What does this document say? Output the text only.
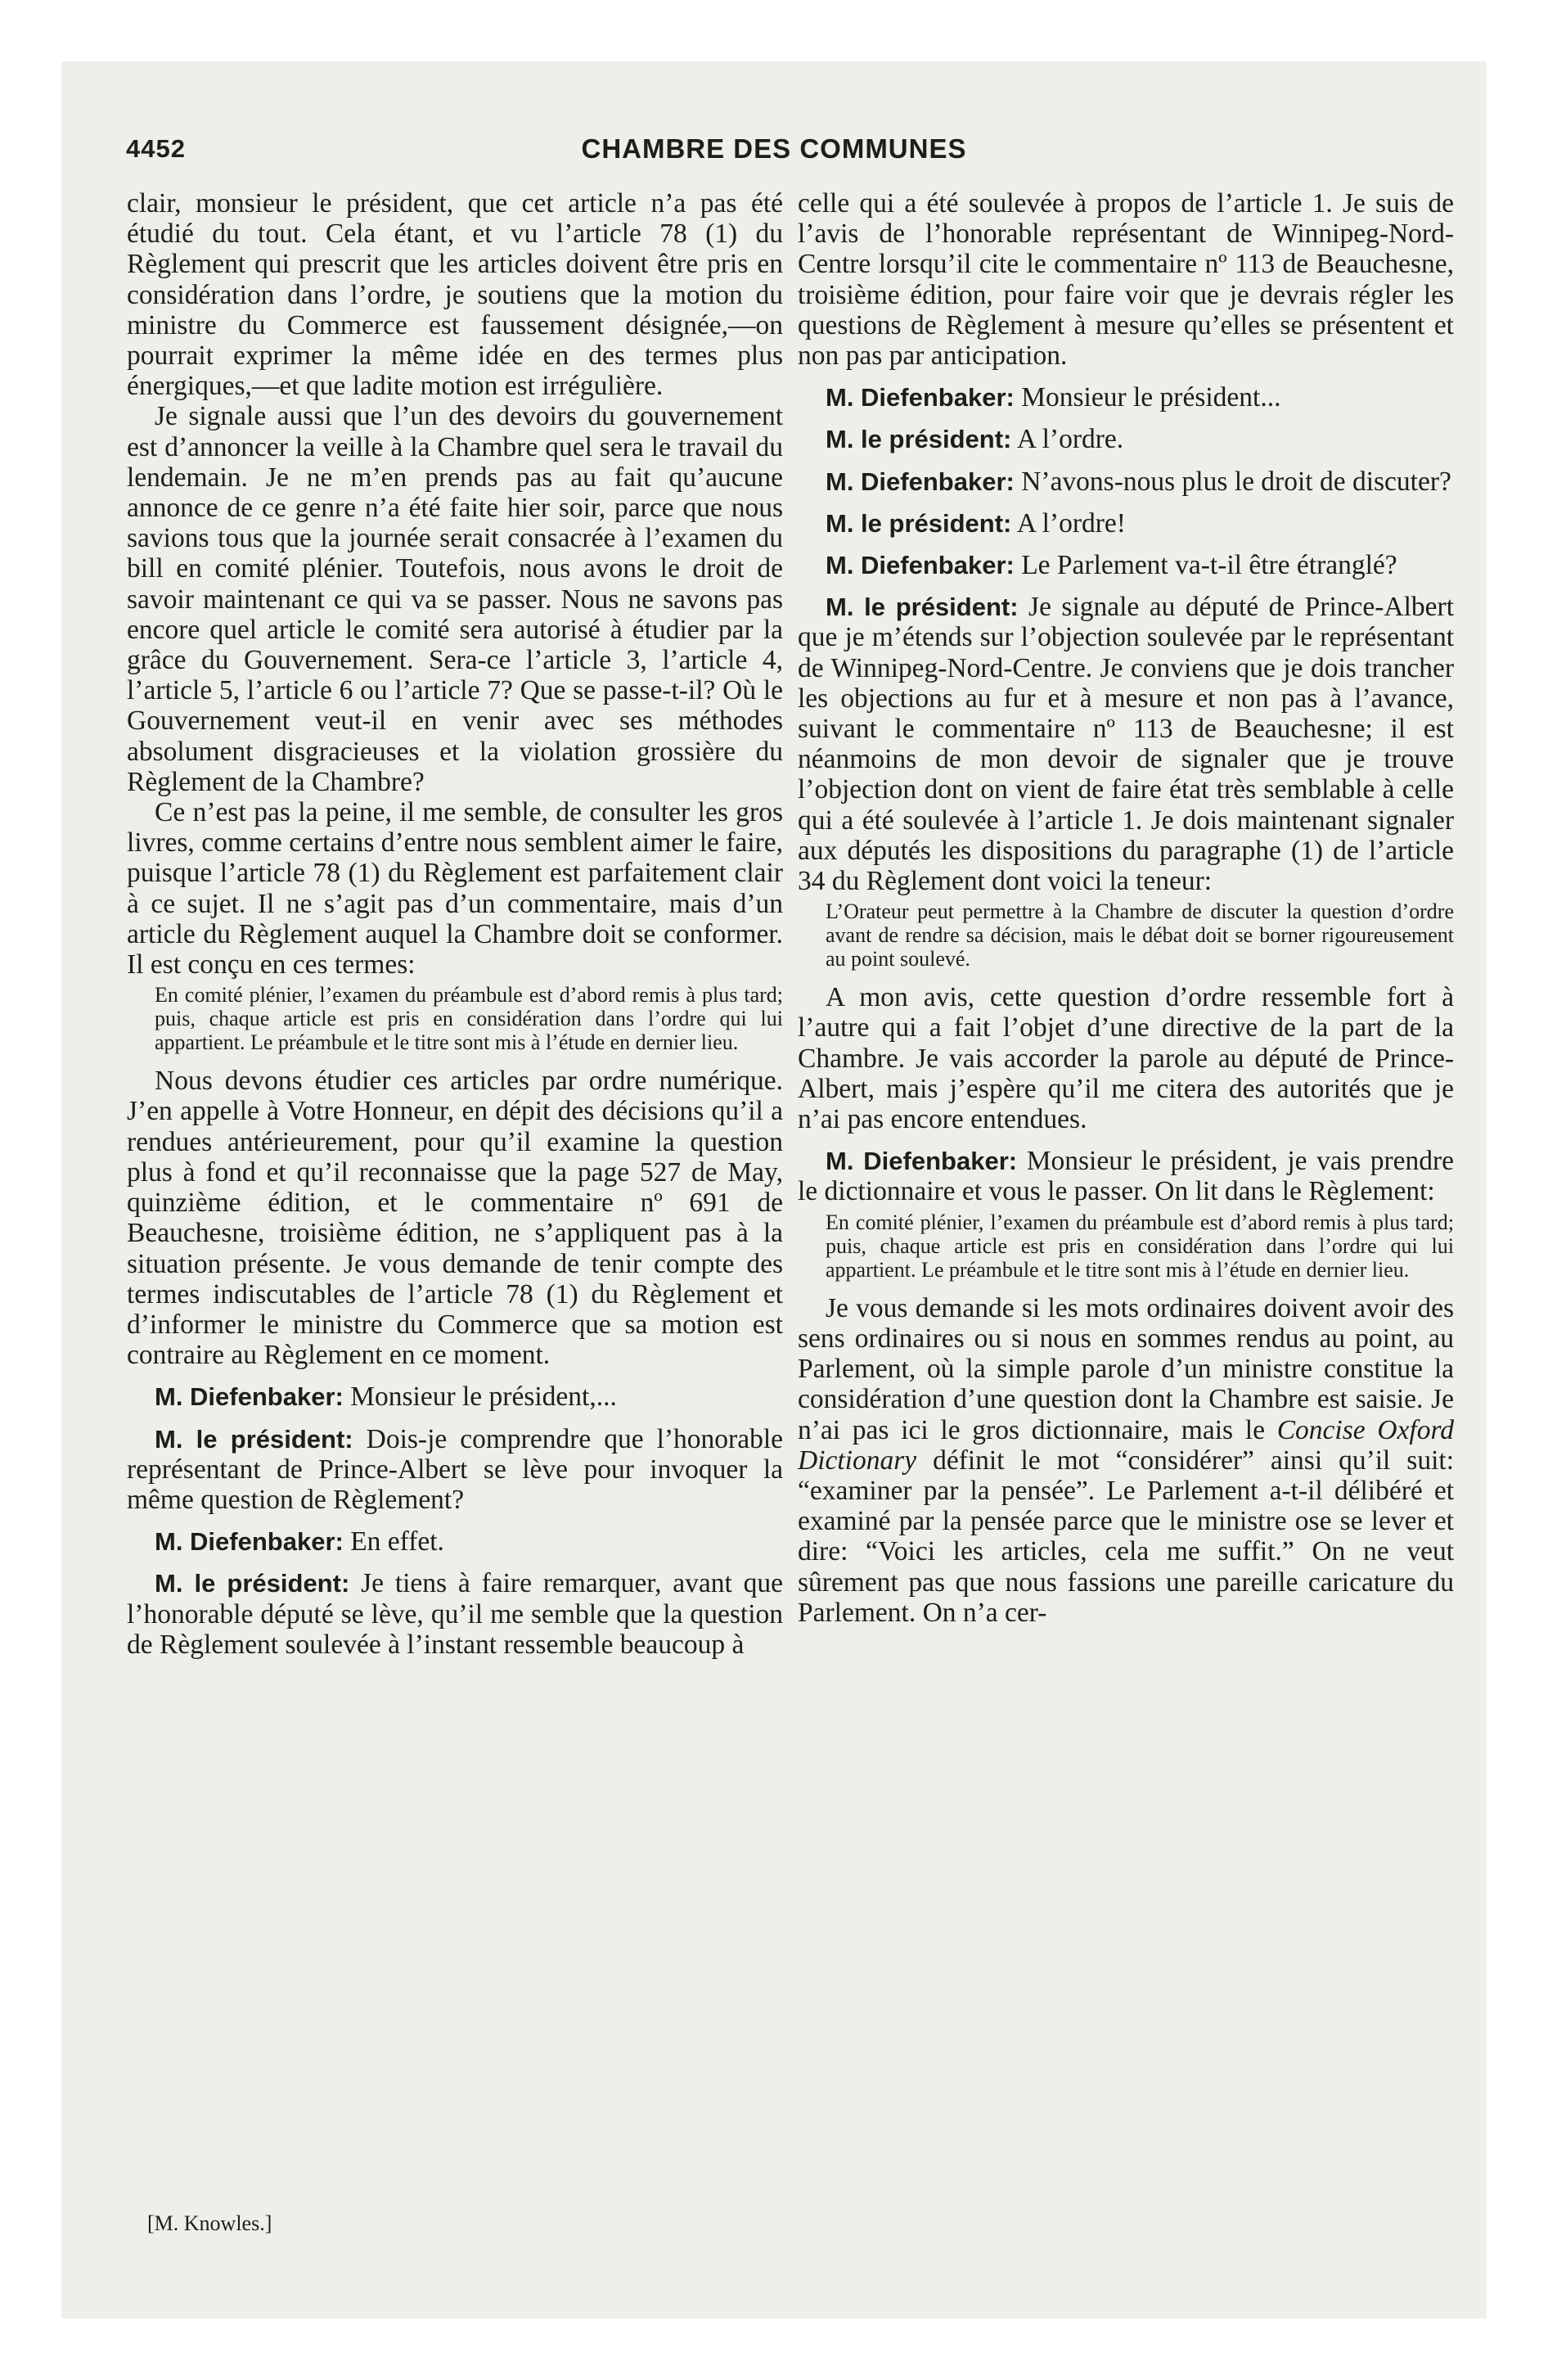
4452	CHAMBRE DES COMMUNES

clair, monsieur le président, que cet article n’a pas été étudié du tout. Cela étant, et vu l’article 78 (1) du Règlement qui prescrit que les articles doivent être pris en considération dans l’ordre, je soutiens que la motion du ministre du Commerce est faussement désignée,—on pourrait exprimer la même idée en des termes plus énergiques,—et que ladite motion est irrégulière.

Je signale aussi que l’un des devoirs du gouvernement est d’annoncer la veille à la Chambre quel sera le travail du lendemain. Je ne m’en prends pas au fait qu’aucune annonce de ce genre n’a été faite hier soir, parce que nous savions tous que la journée serait consacrée à l’examen du bill en comité plénier. Toutefois, nous avons le droit de savoir maintenant ce qui va se passer. Nous ne savons pas encore quel article le comité sera autorisé à étudier par la grâce du Gouvernement. Sera-ce l’article 3, l’article 4, l’article 5, l’article 6 ou l’article 7? Que se passe-t-il? Où le Gouvernement veut-il en venir avec ses méthodes absolument disgracieuses et la violation grossière du Règlement de la Chambre?

Ce n’est pas la peine, il me semble, de consulter les gros livres, comme certains d’entre nous semblent aimer le faire, puisque l’article 78 (1) du Règlement est parfaitement clair à ce sujet. Il ne s’agit pas d’un commentaire, mais d’un article du Règlement auquel la Chambre doit se conformer. Il est conçu en ces termes:

En comité plénier, l’examen du préambule est d’abord remis à plus tard; puis, chaque article est pris en considération dans l’ordre qui lui appartient. Le préambule et le titre sont mis à l’étude en dernier lieu.

Nous devons étudier ces articles par ordre numérique. J’en appelle à Votre Honneur, en dépit des décisions qu’il a rendues antérieurement, pour qu’il examine la question plus à fond et qu’il reconnaisse que la page 527 de May, quinzième édition, et le commentaire nº 691 de Beauchesne, troisième édition, ne s’appliquent pas à la situation présente. Je vous demande de tenir compte des termes indiscutables de l’article 78 (1) du Règlement et d’informer le ministre du Commerce que sa motion est contraire au Règlement en ce moment.

M. Diefenbaker: Monsieur le président,...

M. le président: Dois-je comprendre que l’honorable représentant de Prince-Albert se lève pour invoquer la même question de Règlement?

M. Diefenbaker: En effet.

M. le président: Je tiens à faire remarquer, avant que l’honorable député se lève, qu’il me semble que la question de Règlement soulevée à l’instant ressemble beaucoup à

[M. Knowles.]

celle qui a été soulevée à propos de l’article 1. Je suis de l’avis de l’honorable représentant de Winnipeg-Nord-Centre lorsqu’il cite le commentaire nº 113 de Beauchesne, troisième édition, pour faire voir que je devrais régler les questions de Règlement à mesure qu’elles se présentent et non pas par anticipation.

M. Diefenbaker: Monsieur le président...

M. le président: A l’ordre.

M. Diefenbaker: N’avons-nous plus le droit de discuter?

M. le président: A l’ordre!

M. Diefenbaker: Le Parlement va-t-il être étranglé?

M. le président: Je signale au député de Prince-Albert que je m’étends sur l’objection soulevée par le représentant de Winnipeg-Nord-Centre. Je conviens que je dois trancher les objections au fur et à mesure et non pas à l’avance, suivant le commentaire nº 113 de Beauchesne; il est néanmoins de mon devoir de signaler que je trouve l’objection dont on vient de faire état très semblable à celle qui a été soulevée à l’article 1. Je dois maintenant signaler aux députés les dispositions du paragraphe (1) de l’article 34 du Règlement dont voici la teneur:

L’Orateur peut permettre à la Chambre de discuter la question d’ordre avant de rendre sa décision, mais le débat doit se borner rigoureusement au point soulevé.

A mon avis, cette question d’ordre ressemble fort à l’autre qui a fait l’objet d’une directive de la part de la Chambre. Je vais accorder la parole au député de Prince-Albert, mais j’espère qu’il me citera des autorités que je n’ai pas encore entendues.

M. Diefenbaker: Monsieur le président, je vais prendre le dictionnaire et vous le passer. On lit dans le Règlement:

En comité plénier, l’examen du préambule est d’abord remis à plus tard; puis, chaque article est pris en considération dans l’ordre qui lui appartient. Le préambule et le titre sont mis à l’étude en dernier lieu.

Je vous demande si les mots ordinaires doivent avoir des sens ordinaires ou si nous en sommes rendus au point, au Parlement, où la simple parole d’un ministre constitue la considération d’une question dont la Chambre est saisie. Je n’ai pas ici le gros dictionnaire, mais le Concise Oxford Dictionary définit le mot “considérer” ainsi qu’il suit: “examiner par la pensée”. Le Parlement a-t-il délibéré et examiné par la pensée parce que le ministre ose se lever et dire: “Voici les articles, cela me suffit.” On ne veut sûrement pas que nous fassions une pareille caricature du Parlement. On n’a cer-
